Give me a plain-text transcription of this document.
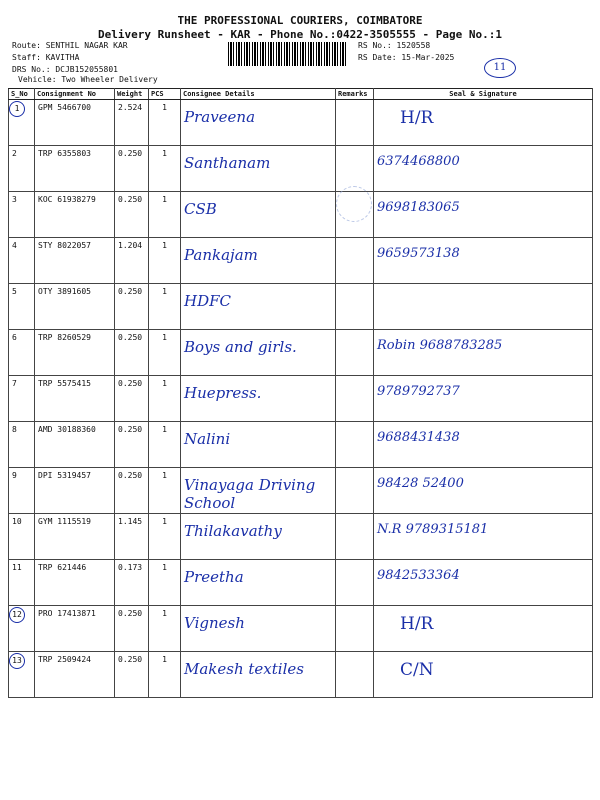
THE PROFESSIONAL COURIERS, COIMBATORE
Delivery Runsheet - KAR - Phone No.:0422-3505555 - Page No.:1
Route: SENTHIL NAGAR KAR
Staff: KAVITHA
DRS No.: DCJB152055801
Vehicle: Two Wheeler Delivery
RS No.: 1520558
RS Date: 15-Mar-2025
11
S_No	Consignment No	Weight	PCS	Consignee Details	Remarks	Seal & Signature
1	GPM 5466700	2.524	1	Praveena		H/R
2	TRP 6355803	0.250	1	Santhanam		6374468800
3	KOC 61938279	0.250	1	CSB		9698183065
4	STY 8022057	1.204	1	Pankajam		9659573138
5	OTY 3891605	0.250	1	HDFC		
6	TRP 8260529	0.250	1	Boys and girls.		Robin 9688783285
7	TRP 5575415	0.250	1	Huepress.		9789792737
8	AMD 30188360	0.250	1	Nalini		9688431438
9	DPI 5319457	0.250	1	Vinayaga Driving School		98428 52400
10	GYM 1115519	1.145	1	Thilakavathy		N.R 9789315181
11	TRP 621446	0.173	1	Preetha		9842533364
12	PRO 17413871	0.250	1	Vignesh		H/R
13	TRP 2509424	0.250	1	Makesh textiles		C/N
